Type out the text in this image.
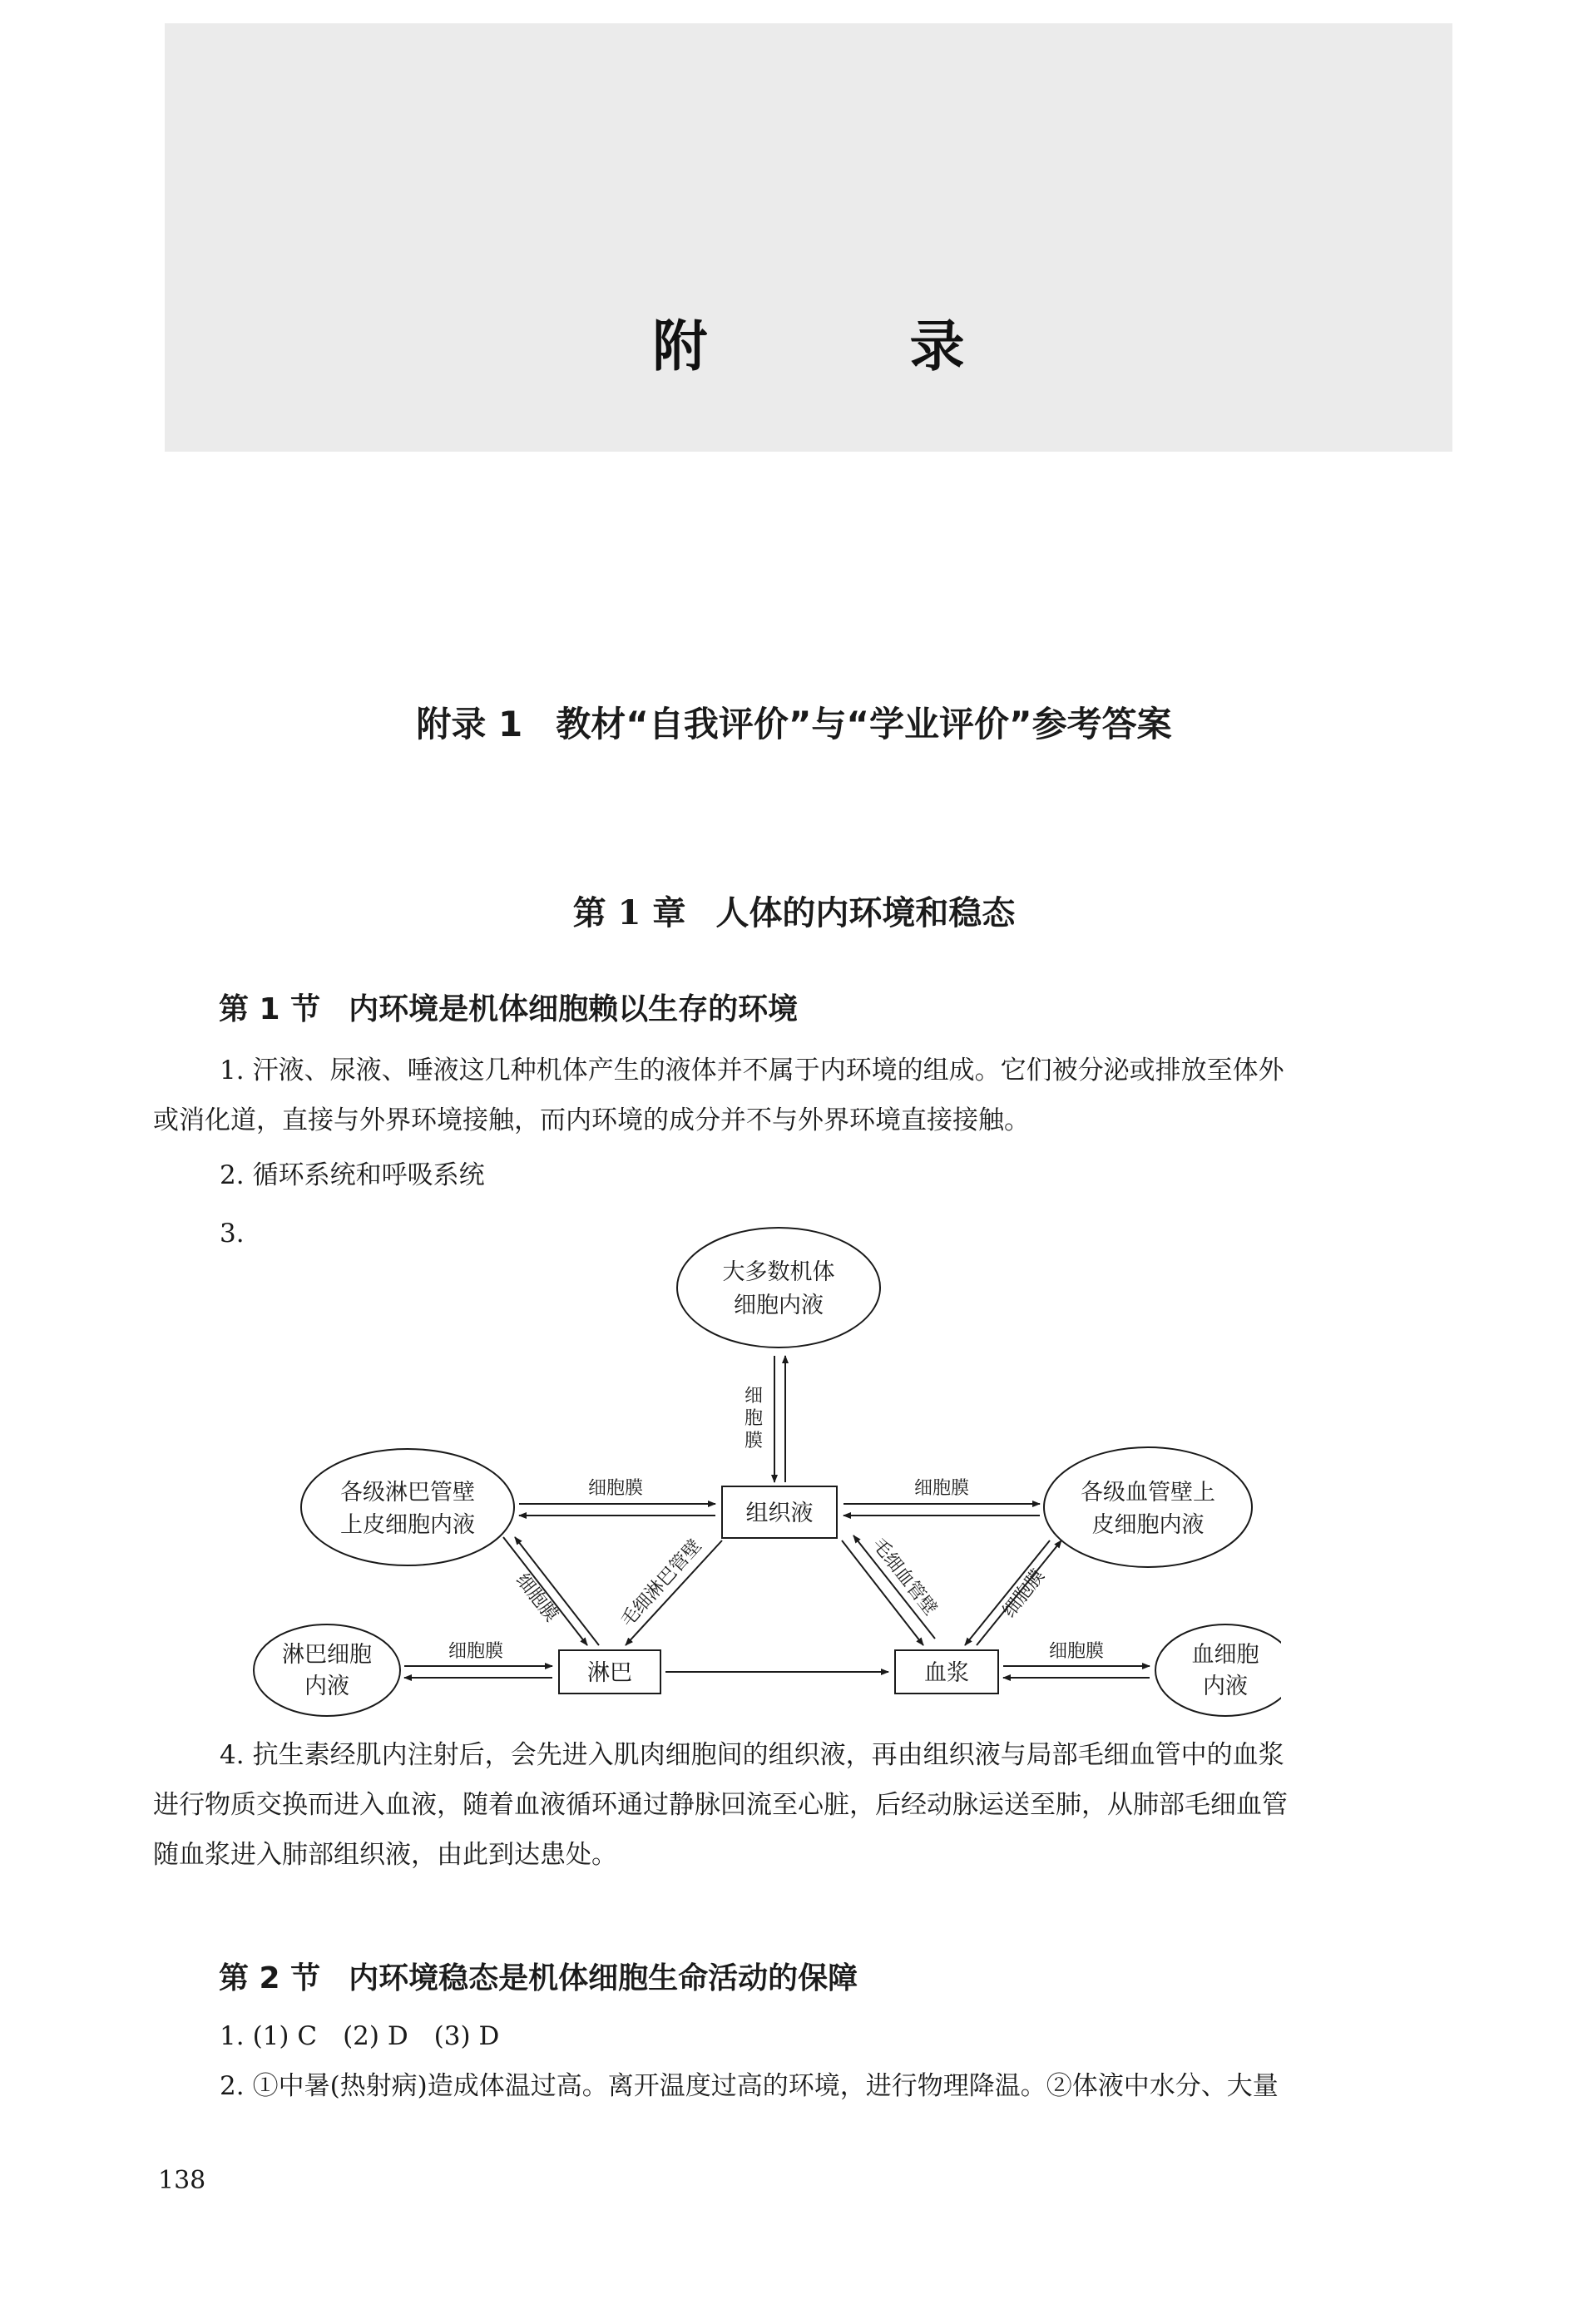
附 录
附录 1 教材“自我评价”与“学业评价”参考答案
第 1 章 人体的内环境和稳态
第 1 节 内环境是机体细胞赖以生存的环境
1. 汗液、尿液、唾液这几种机体产生的液体并不属于内环境的组成。它们被分泌或排放至体外
或消化道，直接与外界环境接触，而内环境的成分并不与外界环境直接接触。
2. 循环系统和呼吸系统
3.
大多数机体
细胞内液
各级淋巴管壁
上皮细胞内液	组织液
各级血管壁上
皮细胞内液
淋巴细胞
内液
淋巴	血浆
血细胞
内液
细
胞
膜
细胞膜	细胞膜
细胞膜	毛细淋巴管壁	毛细血管壁	细胞膜
细胞膜	细胞膜
4. 抗生素经肌内注射后，会先进入肌肉细胞间的组织液，再由组织液与局部毛细血管中的血浆
进行物质交换而进入血液，随着血液循环通过静脉回流至心脏，后经动脉运送至肺，从肺部毛细血管
随血浆进入肺部组织液，由此到达患处。
第 2 节 内环境稳态是机体细胞生命活动的保障
1. (1) C　(2) D　(3) D
2. ①中暑(热射病)造成体温过高。离开温度过高的环境，进行物理降温。②体液中水分、大量
138
